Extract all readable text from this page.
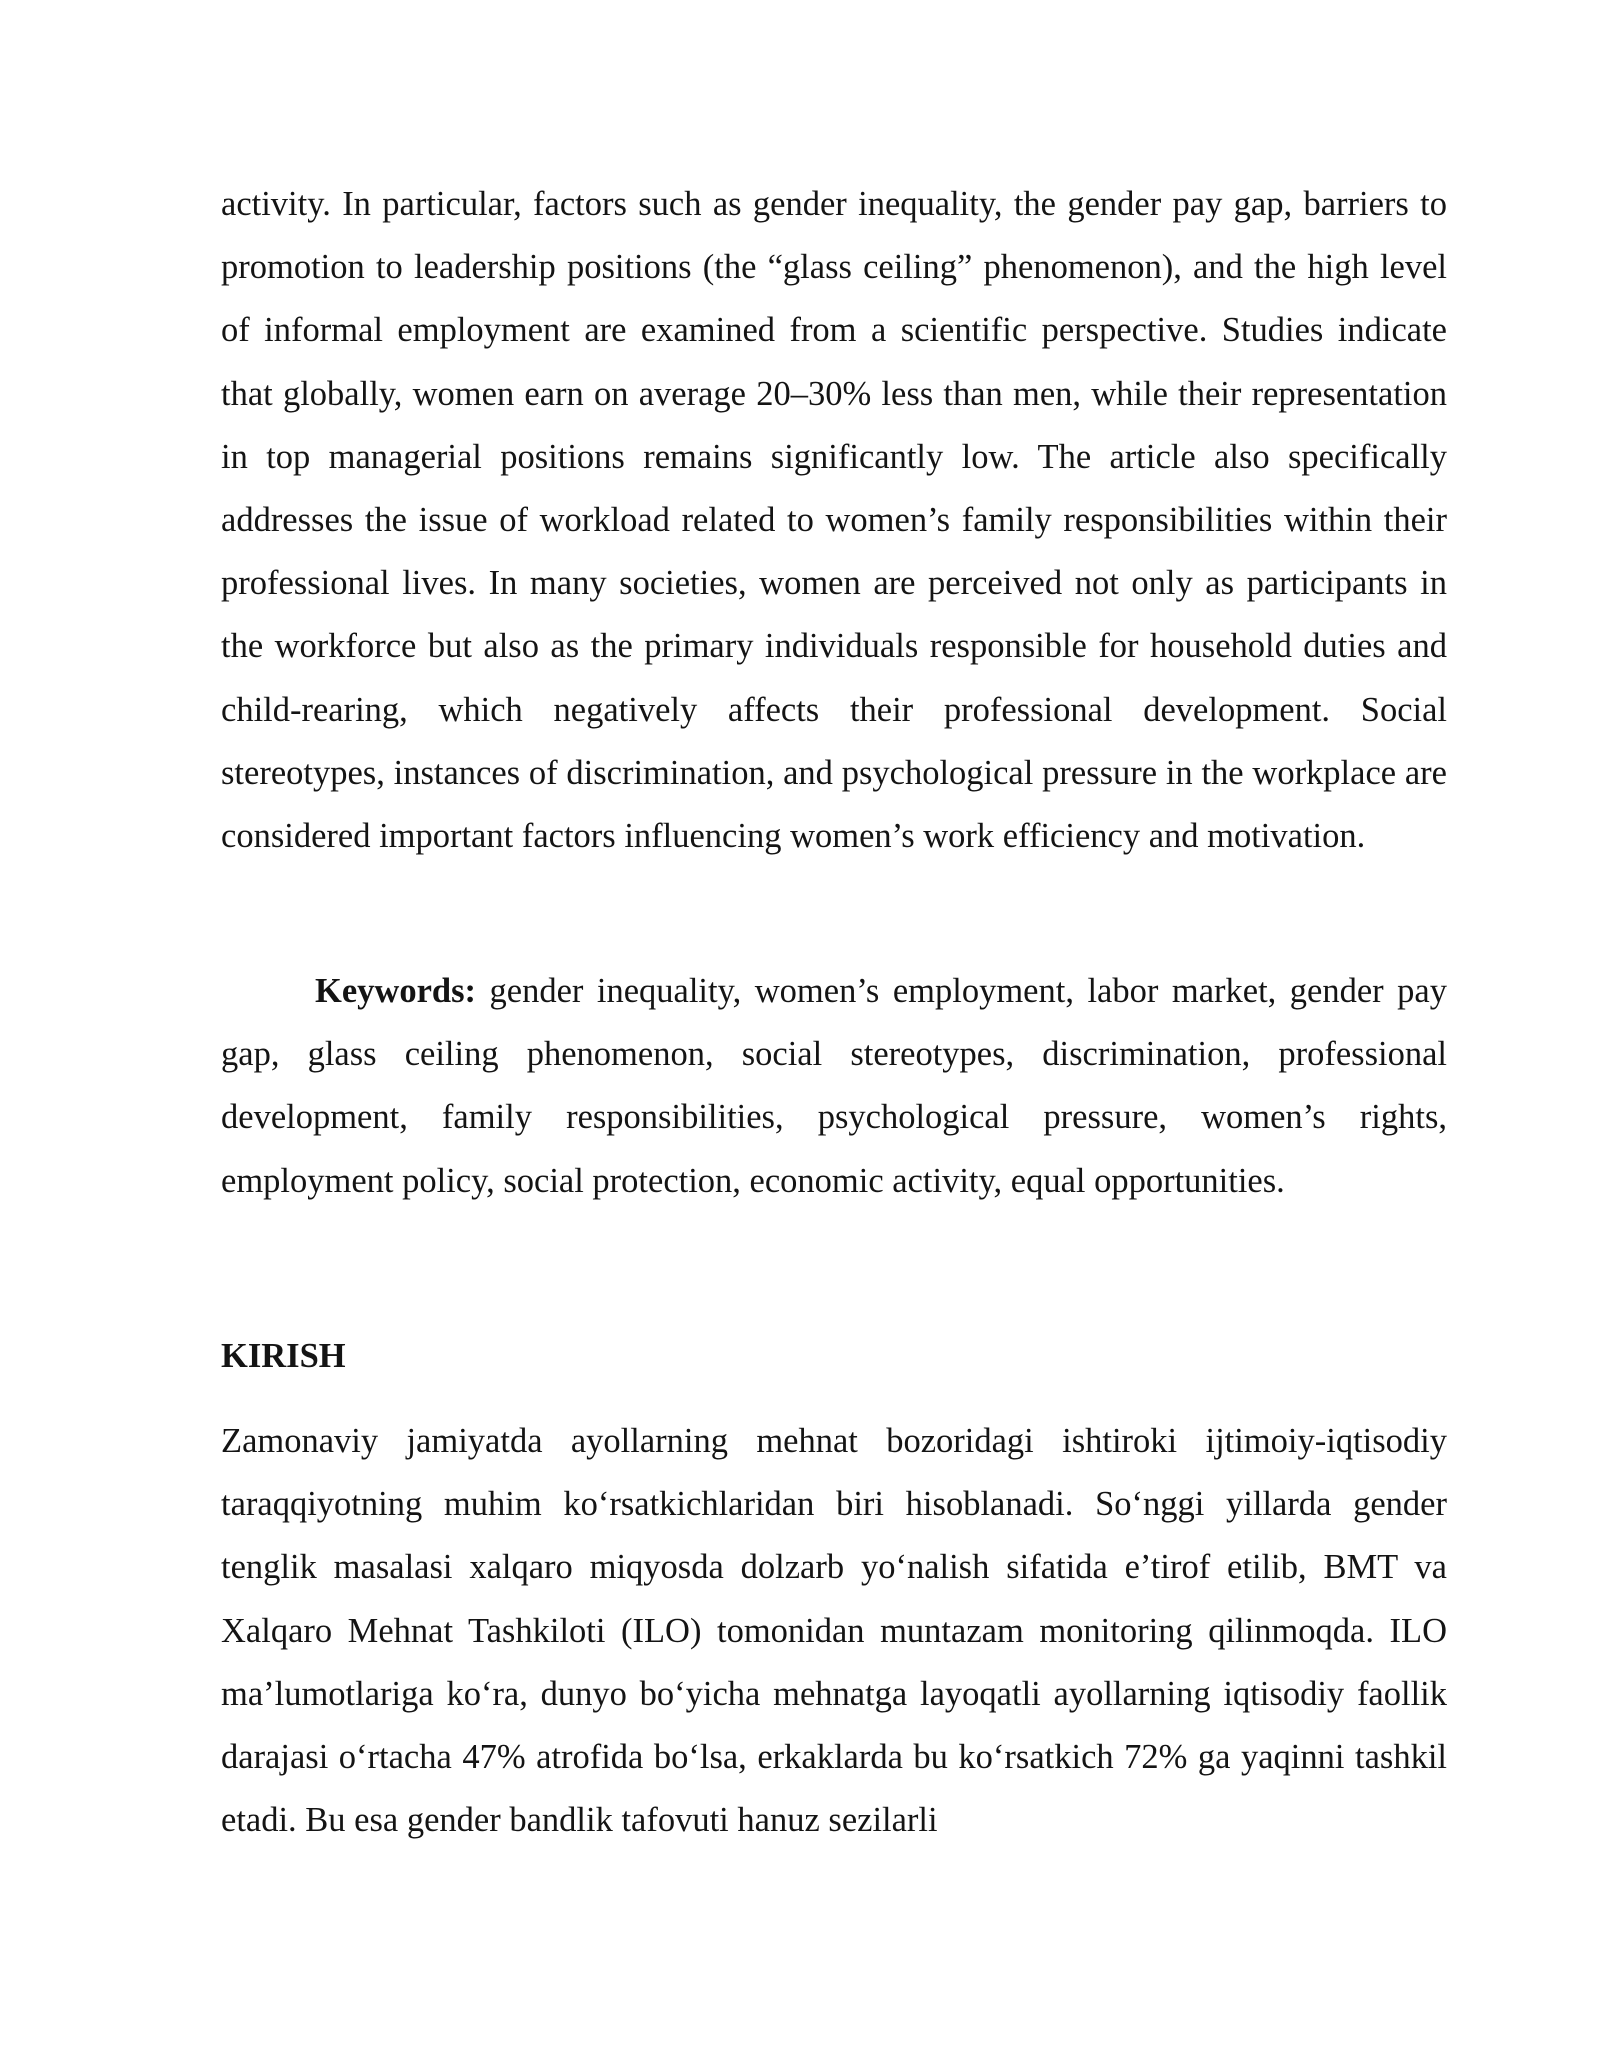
activity. In particular, factors such as gender inequality, the gender pay gap, barriers to promotion to leadership positions (the “glass ceiling” phenomenon), and the high level of informal employment are examined from a scientific perspective. Studies indicate that globally, women earn on average 20–30% less than men, while their representation in top managerial positions remains significantly low. The article also specifically addresses the issue of workload related to women’s family responsibilities within their professional lives. In many societies, women are perceived not only as participants in the workforce but also as the primary individuals responsible for household duties and child-rearing, which negatively affects their professional development. Social stereotypes, instances of discrimination, and psychological pressure in the workplace are considered important factors influencing women’s work efficiency and motivation.

Keywords: gender inequality, women’s employment, labor market, gender pay gap, glass ceiling phenomenon, social stereotypes, discrimination, professional development, family responsibilities, psychological pressure, women’s rights, employment policy, social protection, economic activity, equal opportunities.

KIRISH

Zamonaviy jamiyatda ayollarning mehnat bozoridagi ishtiroki ijtimoiy-iqtisodiy taraqqiyotning muhim ko‘rsatkichlaridan biri hisoblanadi. So‘nggi yillarda gender tenglik masalasi xalqaro miqyosda dolzarb yo‘nalish sifatida e’tirof etilib, BMT va Xalqaro Mehnat Tashkiloti (ILO) tomonidan muntazam monitoring qilinmoqda. ILO ma’lumotlariga ko‘ra, dunyo bo‘yicha mehnatga layoqatli ayollarning iqtisodiy faollik darajasi o‘rtacha 47% atrofida bo‘lsa, erkaklarda bu ko‘rsatkich 72% ga yaqinni tashkil etadi. Bu esa gender bandlik tafovuti hanuz sezilarli
